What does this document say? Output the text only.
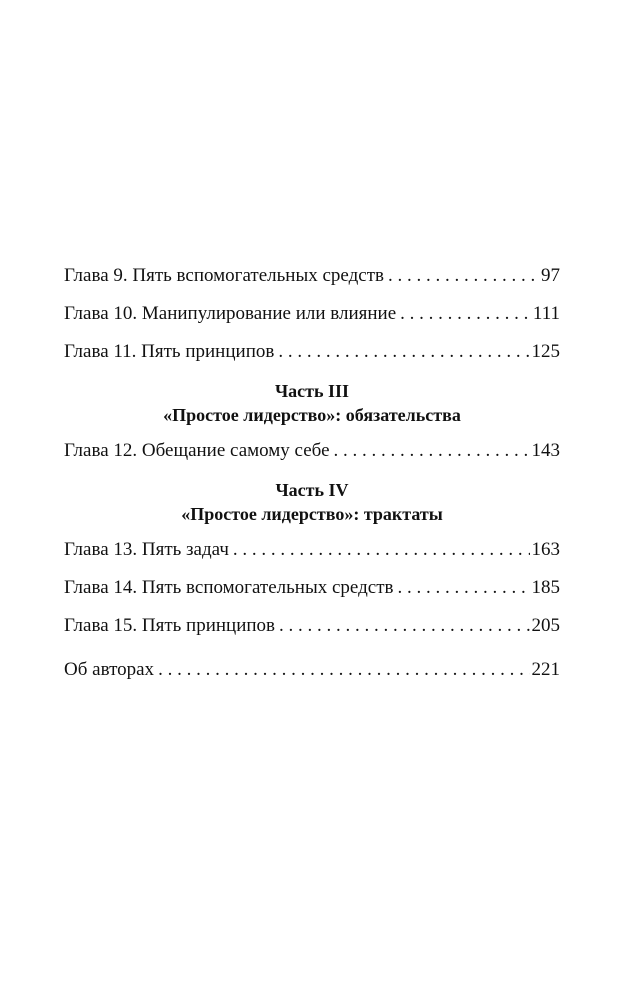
Глава 9. Пять вспомогательных средств . . .	97
Глава 10. Манипулирование или влияние . . .	111
Глава 11. Пять принципов . . .	125
Часть III
«Простое лидерство»: обязательства
Глава 12. Обещание самому себе . . .	143
Часть IV
«Простое лидерство»: трактаты
Глава 13. Пять задач . . .	163
Глава 14. Пять вспомогательных средств . . .	185
Глава 15. Пять принципов . . .	205
Об авторах . . .	221
